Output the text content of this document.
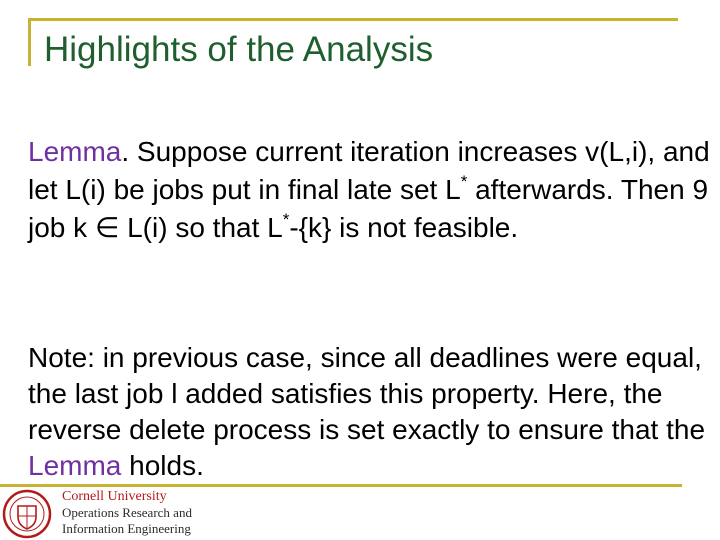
Highlights of the Analysis
Lemma. Suppose current iteration increases v(L,i), and let L(i) be jobs put in final late set L* afterwards. Then 9 job k ∈ L(i) so that L*-{k} is not feasible.
Note: in previous case, since all deadlines were equal, the last job l added satisfies this property. Here, the reverse delete process is set exactly to ensure that the Lemma holds.
Cornell University
Operations Research and
Information Engineering
